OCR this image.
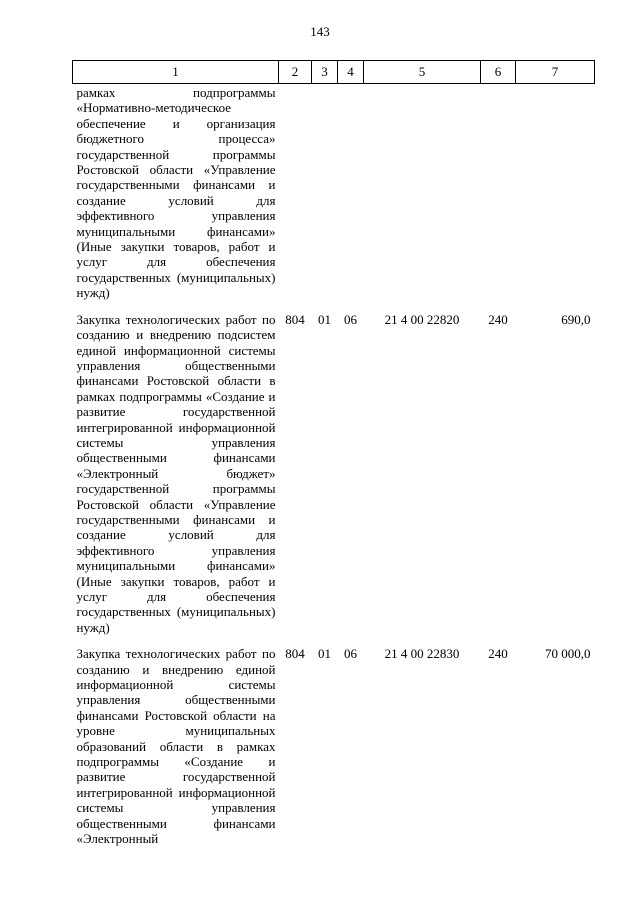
143
1	2	3	4	5	6	7
рамках подпрограммы «Нормативно-методическое обеспечение и организация бюджетного процесса» государственной программы Ростовской области «Управление государственными финансами и создание условий для эффективного управления муниципальными финансами» (Иные закупки товаров, работ и услуг для обеспечения государственных (муниципальных) нужд)						
Закупка технологических работ по созданию и внедрению подсистем единой информационной системы управления общественными финансами Ростовской области в рамках подпрограммы «Создание и развитие государственной интегрированной информационной системы управления общественными финансами «Электронный бюджет» государственной программы Ростовской области «Управление государственными финансами и создание условий для эффективного управления муниципальными финансами» (Иные закупки товаров, работ и услуг для обеспечения государственных (муниципальных) нужд)	804	01	06	21 4 00 22820	240	690,0
Закупка технологических работ по созданию и внедрению единой информационной системы управления общественными финансами Ростовской области на уровне муниципальных образований области в рамках подпрограммы «Создание и развитие государственной интегрированной информационной системы управления общественными финансами «Электронный	804	01	06	21 4 00 22830	240	70 000,0
